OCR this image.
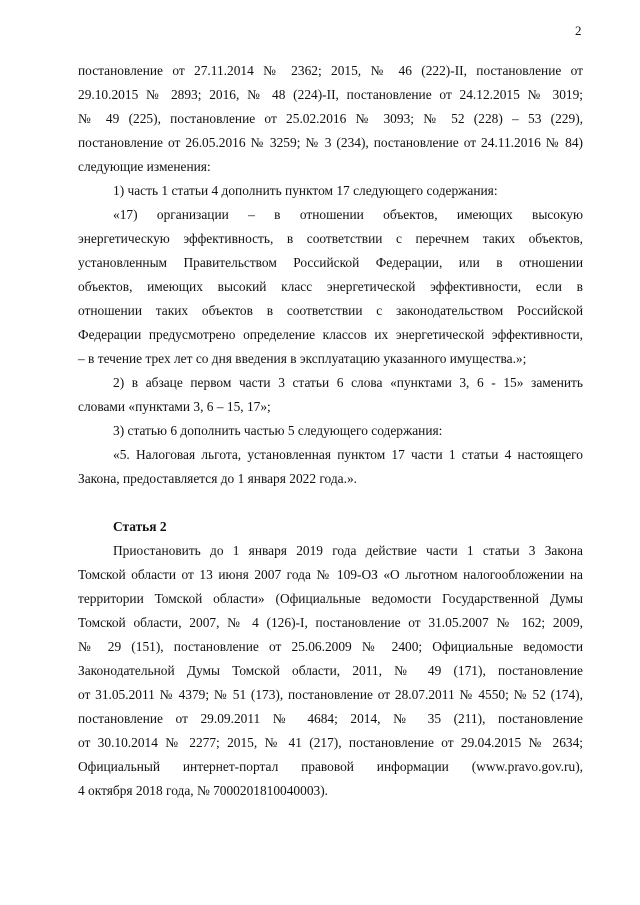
2
постановление от 27.11.2014 № 2362; 2015, № 46 (222)-II, постановление от
29.10.2015 № 2893; 2016, № 48 (224)-II, постановление от 24.12.2015 № 3019;
№ 49 (225), постановление от 25.02.2016 № 3093; № 52 (228) – 53 (229),
постановление от 26.05.2016 № 3259; № 3 (234), постановление от 24.11.2016 № 84)
следующие изменения:
1) часть 1 статьи 4 дополнить пунктом 17 следующего содержания:
«17) организации – в отношении объектов, имеющих высокую
энергетическую эффективность, в соответствии с перечнем таких объектов,
установленным Правительством Российской Федерации, или в отношении
объектов, имеющих высокий класс энергетической эффективности, если в
отношении таких объектов в соответствии с законодательством Российской
Федерации предусмотрено определение классов их энергетической эффективности,
– в течение трех лет со дня введения в эксплуатацию указанного имущества.»;
2) в абзаце первом части 3 статьи 6 слова «пунктами 3, 6 - 15» заменить
словами «пунктами 3, 6 – 15, 17»;
3) статью 6 дополнить частью 5 следующего содержания:
«5. Налоговая льгота, установленная пунктом 17 части 1 статьи 4 настоящего
Закона, предоставляется до 1 января 2022 года.».
Статья 2
Приостановить до 1 января 2019 года действие части 1 статьи 3 Закона
Томской области от 13 июня 2007 года № 109-ОЗ «О льготном налогообложении на
территории Томской области» (Официальные ведомости Государственной Думы
Томской области, 2007, № 4 (126)-I, постановление от 31.05.2007 № 162; 2009,
№ 29 (151), постановление от 25.06.2009 № 2400; Официальные ведомости
Законодательной Думы Томской области, 2011, № 49 (171), постановление
от 31.05.2011 № 4379; № 51 (173), постановление от 28.07.2011 № 4550; № 52 (174),
постановление от 29.09.2011 № 4684; 2014, № 35 (211), постановление
от 30.10.2014 № 2277; 2015, № 41 (217), постановление от 29.04.2015 № 2634;
Официальный интернет-портал правовой информации (www.pravo.gov.ru),
4 октября 2018 года, № 7000201810040003).
